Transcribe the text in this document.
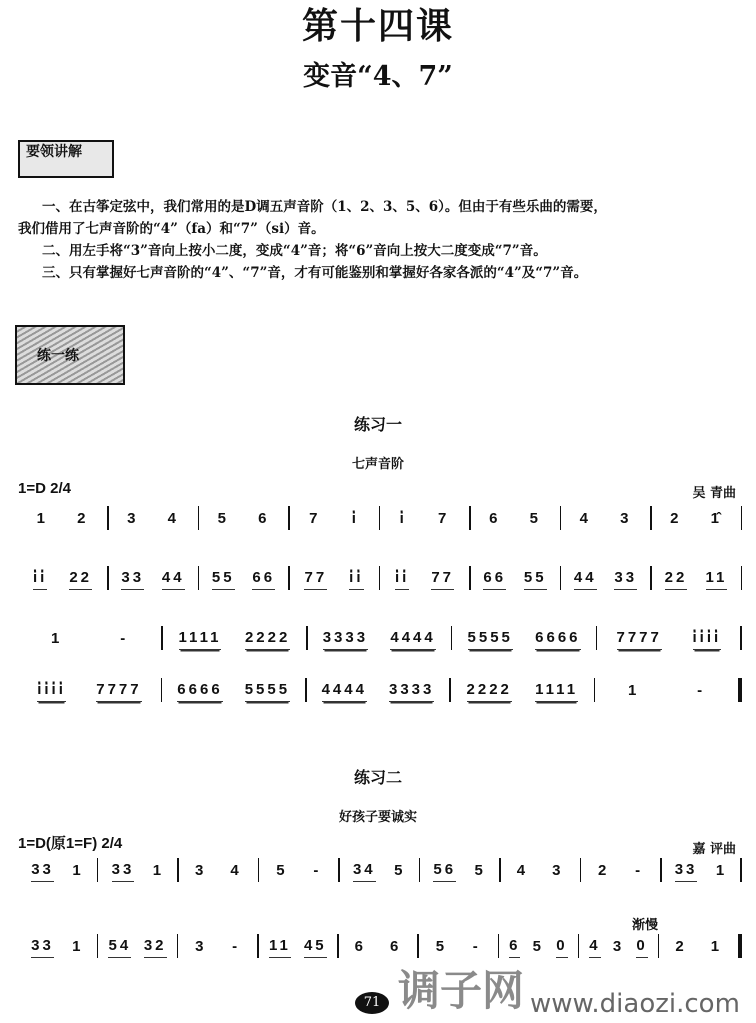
第十四课
变音“4、7”
要领讲解

一、在古筝定弦中，我们常用的是D调五声音阶（1、2、3、5、6）。但由于有些乐曲的需要，

我们借用了七声音阶的“4”（fa）和“7”（si）音。

二、用左手将“3”音向上按小二度，变成“4”音；将“6”音向上按大二度变成“7”音。

三、只有掌握好七声音阶的“4”、“7”音，才有可能鉴别和掌握好各家各派的“4”及“7”音。

练一练
练习一
七声音阶
1=D 2/4	吴 青曲
练习二
好孩子要诚实
1=D(原1=F) 2/4	嘉 评曲
渐慢
71 调子网 www.diaozi.com
1 2	3 4	5 6	7 i̇	i̇ 7	6 5	4 3	2 1̂
i̇i̇ 22 33 44 55 66 77 i̇i̇ i̇i̇ 77 66 55 44 33 22 11
1	-	1111 2222 3333 4444 5555 6666 7777 i̇i̇i̇i̇
i̇i̇i̇i̇ 7777 6666 5555 4444 3333 2222 1111	1	-
33 1 33 1 3 4 5 - 34 5 56 5 4 3 2 - 33 1
33 1 54 32 3 - 11 45 6 6 5 - 6 5 0 4 3 0 2 1
